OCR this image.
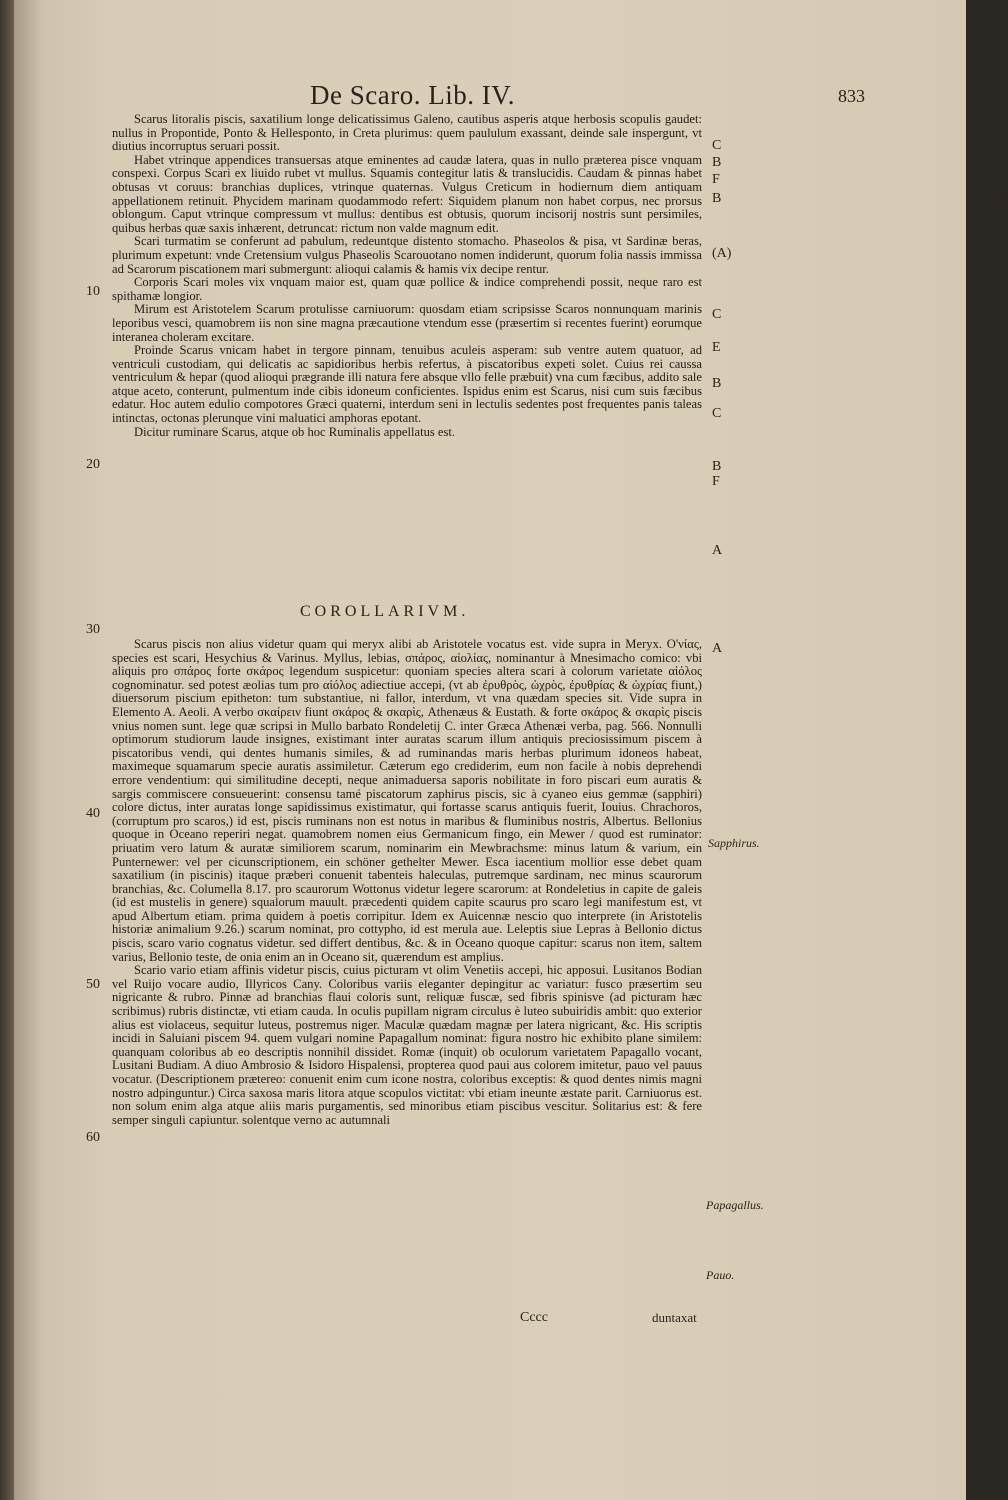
De Scaro. Lib. IV.	833

Scarus litoralis piscis, saxatilium longe delicatissimus Galeno, cautibus asperis atque herbosis scopulis gaudet: nullus in Propontide, Ponto & Hellesponto, in Creta plurimus: quem paululum exassant, deinde sale inspergunt, vt diutius incorruptus seruari possit.

Habet vtrinque appendices transuersas atque eminentes ad caudæ latera, quas in nullo præterea pisce vnquam conspexi. Corpus Scari ex liuido rubet vt mullus. Squamis contegitur latis & translucidis. Caudam & pinnas habet obtusas vt coruus: branchias duplices, vtrinque quaternas. Vulgus Creticum in hodiernum diem antiquam appellationem retinuit. Phycidem marinam quodammodo refert: Siquidem planum non habet corpus, nec prorsus oblongum. Caput vtrinque compressum vt mullus: dentibus est obtusis, quorum incisorij nostris sunt persimiles, quibus herbas quæ saxis inhærent, detruncat: rictum non valde magnum edit.

Scari turmatim se conferunt ad pabulum, redeuntque distento stomacho. Phaseolos & pisa, vt Sardinæ beras, plurimum expetunt: vnde Cretensium vulgus Phaseolis Scarouotano nomen indiderunt, quorum folia nassis immissa ad Scarorum piscationem mari submergunt: alioqui calamis & hamis vix decipe rentur.

Corporis Scari moles vix vnquam maior est, quam quæ pollice & indice comprehendi possit, neque raro est spithamæ longior.

Mirum est Aristotelem Scarum protulisse carniuorum: quosdam etiam scripsisse Scaros nonnunquam marinis leporibus vesci, quamobrem iis non sine magna præcautione vtendum esse (præsertim si recentes fuerint) eorumque interanea choleram excitare.

Proinde Scarus vnicam habet in tergore pinnam, tenuibus aculeis asperam: sub ventre autem quatuor, ad ventriculi custodiam, qui delicatis ac sapidioribus herbis refertus, à piscatoribus expeti solet. Cuius rei caussa ventriculum & hepar (quod alioqui prægrande illi natura fere absque vllo felle præbuit) vna cum fæcibus, addito sale atque aceto, conterunt, pulmentum inde cibis idoneum conficientes. Ispidus enim est Scarus, nisi cum suis fæcibus edatur. Hoc autem edulio compotores Græci quaterni, interdum seni in lectulis sedentes post frequentes panis taleas intinctas, octonas plerunque vini maluatici amphoras epotant.

Dicitur ruminare Scarus, atque ob hoc Ruminalis appellatus est.

COROLLARIVM.

Scarus piscis non alius videtur quam qui meryx alibi ab Aristotele vocatus est. vide supra in Meryx. Ο'νίας, species est scari, Hesychius & Varinus. Myllus, lebias, σπάρος, αἰολίας, nominantur à Mnesimacho comico: vbi aliquis pro σπάρος forte σκάρος legendum suspicetur: quoniam species altera scari à colorum varietate αἰόλος cognominatur. sed potest æolias tum pro αἰόλος adiectiue accepi, (vt ab ἐρυθρὸς, ὠχρὸς, ἐρυθρίας & ὠχρίας fiunt,) diuersorum piscium epitheton: tum substantiue, ni fallor, interdum, vt vna quædam species sit. Vide supra in Elemento A. Aeoli. A verbo σκαίρειν fiunt σκάρος & σκαρὶς, Athenæus & Eustath. & forte σκάρος & σκαρὶς piscis vnius nomen sunt. lege quæ scripsi in Mullo barbato Rondeletij C. inter Græca Athenæi verba, pag. 566. Nonnulli optimorum studiorum laude insignes, existimant inter auratas scarum illum antiquis preciosissimum piscem à piscatoribus vendi, qui dentes humanis similes, & ad ruminandas maris herbas plurimum idoneos habeat, maximeque squamarum specie auratis assimiletur. Cæterum ego crediderim, eum non facile à nobis deprehendi errore vendentium: qui similitudine decepti, neque animaduersa saporis nobilitate in foro piscari eum auratis & sargis commiscere consueuerint: consensu tamé piscatorum zaphirus piscis, sic à cyaneo eius gemmæ (sapphiri) colore dictus, inter auratas longe sapidissimus existimatur, qui fortasse scarus antiquis fuerit, Iouius. Chrachoros, (corruptum pro scaros,) id est, piscis ruminans non est notus in maribus & fluminibus nostris, Albertus. Bellonius quoque in Oceano reperiri negat. quamobrem nomen eius Germanicum fingo, ein Mewer / quod est ruminator: priuatim vero latum & auratæ similiorem scarum, nominarim ein Mewbrachsme: minus latum & varium, ein Punternewer: vel per cicunscriptionem, ein schöner gethelter Mewer. Esca iacentium mollior esse debet quam saxatilium (in piscinis) itaque præberi conuenit tabenteis haleculas, putremque sardinam, nec minus scaurorum branchias, &c. Columella 8.17. pro scaurorum Wottonus videtur legere scarorum: at Rondeletius in capite de galeis (id est mustelis in genere) squalorum mauult. præcedenti quidem capite scaurus pro scaro legi manifestum est, vt apud Albertum etiam. prima quidem à poetis corripitur. Idem ex Auicennæ nescio quo interprete (in Aristotelis historiæ animalium 9.26.) scarum nominat, pro cottypho, id est merula aue. Leleptis siue Lepras à Bellonio dictus piscis, scaro vario cognatus videtur. sed differt dentibus, &c. & in Oceano quoque capitur: scarus non item, saltem varius, Bellonio teste, de onia enim an in Oceano sit, quærendum est amplius.

Scario vario etiam affinis videtur piscis, cuius picturam vt olim Venetiis accepi, hic apposui. Lusitanos Bodian vel Ruijo vocare audio, Illyricos Cany. Coloribus variis eleganter depingitur ac variatur: fusco præsertim seu nigricante & rubro. Pinnæ ad branchias flaui coloris sunt, reliquæ fuscæ, sed fibris spinisve (ad picturam hæc scribimus) rubris distinctæ, vti etiam cauda. In oculis pupillam nigram circulus è luteo subuiridis ambit: quo exterior alius est violaceus, sequitur luteus, postremus niger. Maculæ quædam magnæ per latera nigricant, &c. His scriptis incidi in Saluiani piscem 94. quem vulgari nomine Papagallum nominat: figura nostro hic exhibito plane similem: quanquam coloribus ab eo descriptis nonnihil dissidet. Romæ (inquit) ob oculorum varietatem Papagallo vocant, Lusitani Budiam. A diuo Ambrosio & Isidoro Hispalensi, propterea quod paui aus colorem imitetur, pauo vel pauus vocatur. (Descriptionem prætereo: conuenit enim cum icone nostra, coloribus exceptis: & quod dentes nimis magni nostro adpinguntur.) Circa saxosa maris litora atque scopulos victitat: vbi etiam ineunte æstate parit. Carniuorus est. non solum enim alga atque aliis maris purgamentis, sed minoribus etiam piscibus vescitur. Solitarius est: & fere semper singuli capiuntur. solentque verno ac autumnali

10
20
30
40
50
60
C
B
B
F
B
(A)
C
E
B
C
B
F
A
A
Sapphirus.
Papagallus.
Pauo.
Cccc	duntaxat
